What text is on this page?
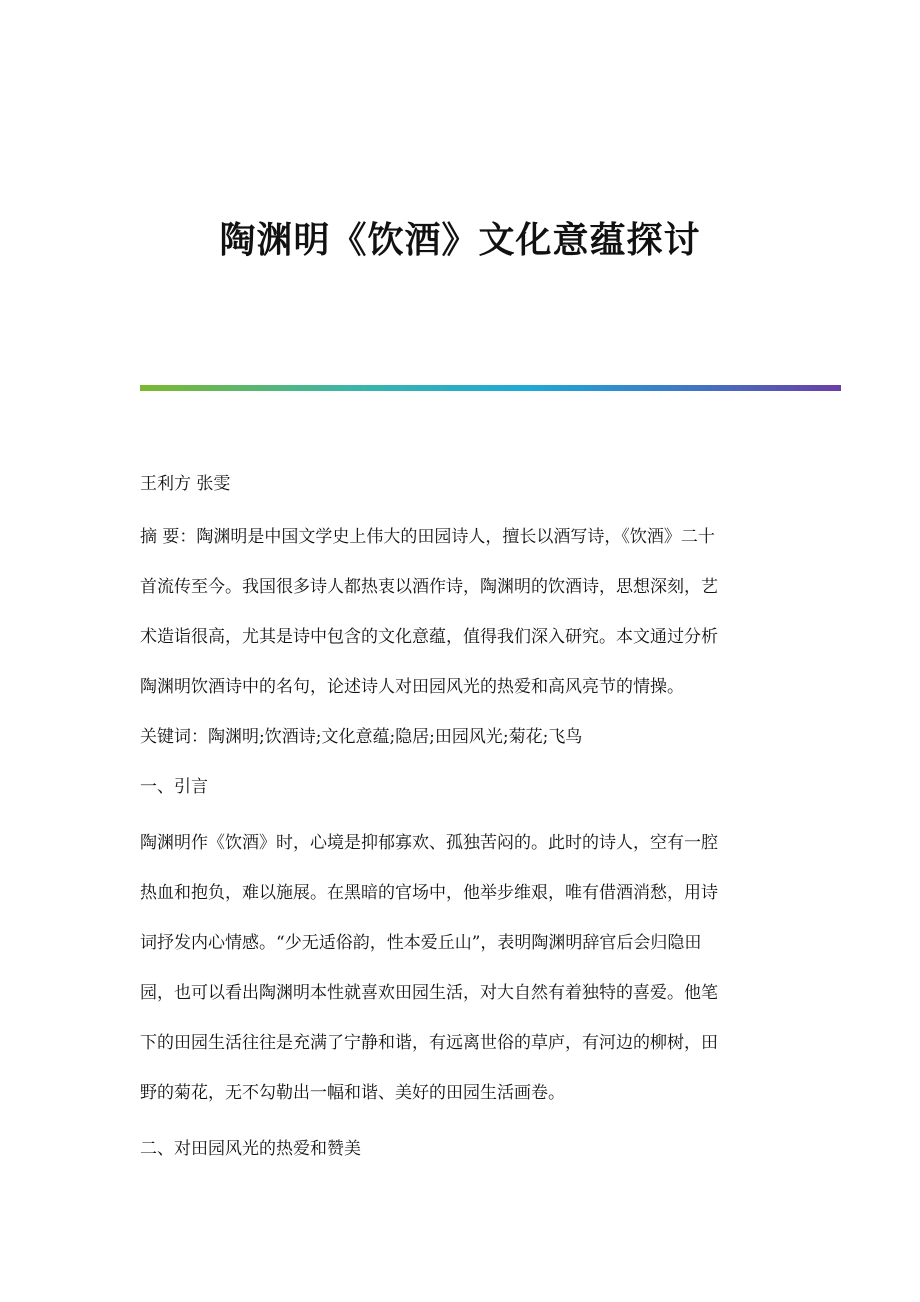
陶渊明《饮酒》文化意蕴探讨

王利方 张雯

摘 要：陶渊明是中国文学史上伟大的田园诗人，擅长以酒写诗，《饮酒》二十

首流传至今。我国很多诗人都热衷以酒作诗，陶渊明的饮酒诗，思想深刻，艺

术造诣很高，尤其是诗中包含的文化意蕴，值得我们深入研究。本文通过分析

陶渊明饮酒诗中的名句，论述诗人对田园风光的热爱和高风亮节的情操。

关键词：陶渊明;饮酒诗;文化意蕴;隐居;田园风光;菊花;飞鸟

一、引言

陶渊明作《饮酒》时，心境是抑郁寡欢、孤独苦闷的。此时的诗人，空有一腔

热血和抱负，难以施展。在黑暗的官场中，他举步维艰，唯有借酒消愁，用诗

词抒发内心情感。“少无适俗韵，性本爱丘山”，表明陶渊明辞官后会归隐田

园，也可以看出陶渊明本性就喜欢田园生活，对大自然有着独特的喜爱。他笔

下的田园生活往往是充满了宁静和谐，有远离世俗的草庐，有河边的柳树，田

野的菊花，无不勾勒出一幅和谐、美好的田园生活画卷。

二、对田园风光的热爱和赞美
